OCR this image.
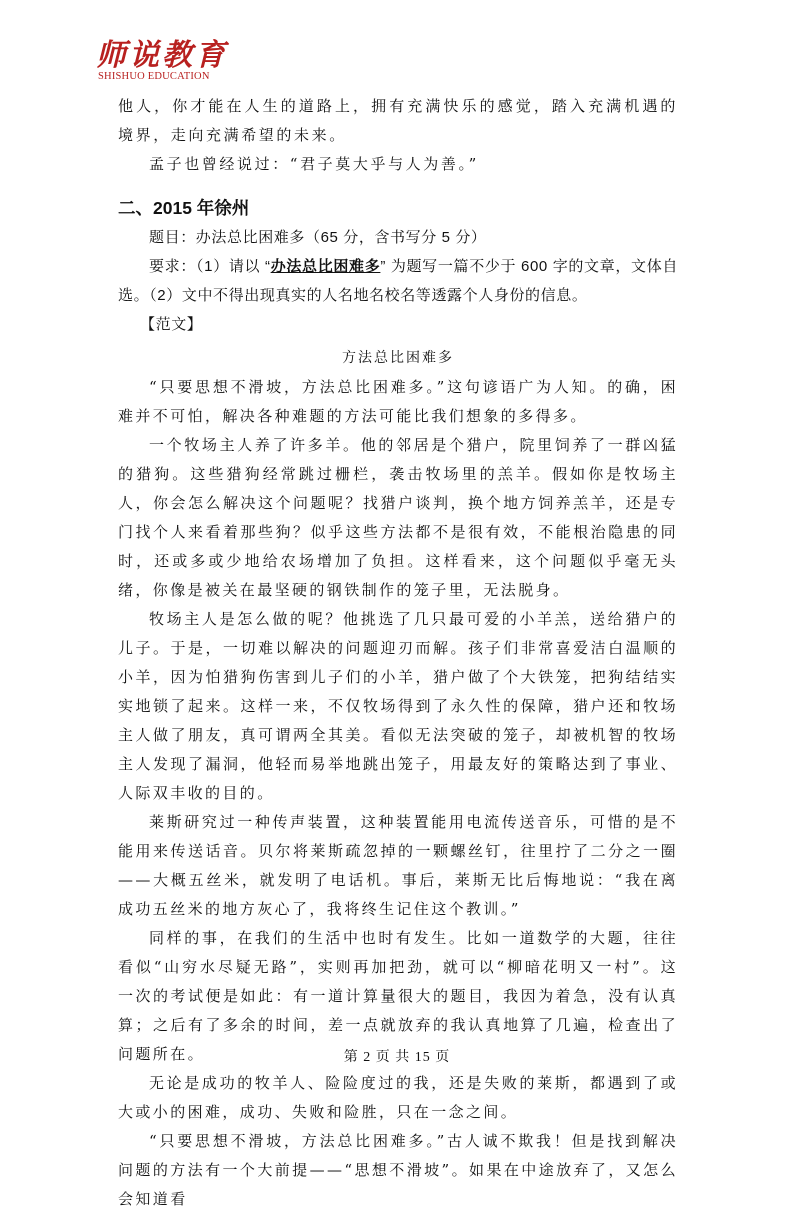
师说教育
SHISHUO EDUCATION

他人，你才能在人生的道路上，拥有充满快乐的感觉，踏入充满机遇的境界，走向充满希望的未来。

孟子也曾经说过：“君子莫大乎与人为善。”

二、2015 年徐州

题目：办法总比困难多（65 分，含书写分 5 分）

要求：（1）请以 “办法总比困难多” 为题写一篇不少于 600 字的文章，文体自选。（2）文中不得出现真实的人名地名校名等透露个人身份的信息。

【范文】

方法总比困难多

“只要思想不滑坡，方法总比困难多。”这句谚语广为人知。的确，困难并不可怕，解决各种难题的方法可能比我们想象的多得多。

一个牧场主人养了许多羊。他的邻居是个猎户，院里饲养了一群凶猛的猎狗。这些猎狗经常跳过栅栏，袭击牧场里的羔羊。假如你是牧场主人，你会怎么解决这个问题呢？找猎户谈判，换个地方饲养羔羊，还是专门找个人来看着那些狗？似乎这些方法都不是很有效，不能根治隐患的同时，还或多或少地给农场增加了负担。这样看来，这个问题似乎毫无头绪，你像是被关在最坚硬的钢铁制作的笼子里，无法脱身。

牧场主人是怎么做的呢？他挑选了几只最可爱的小羊羔，送给猎户的儿子。于是，一切难以解决的问题迎刃而解。孩子们非常喜爱洁白温顺的小羊，因为怕猎狗伤害到儿子们的小羊，猎户做了个大铁笼，把狗结结实实地锁了起来。这样一来，不仅牧场得到了永久性的保障，猎户还和牧场主人做了朋友，真可谓两全其美。看似无法突破的笼子，却被机智的牧场主人发现了漏洞，他轻而易举地跳出笼子，用最友好的策略达到了事业、人际双丰收的目的。

莱斯研究过一种传声装置，这种装置能用电流传送音乐，可惜的是不能用来传送话音。贝尔将莱斯疏忽掉的一颗螺丝钉，往里拧了二分之一圈——大概五丝米，就发明了电话机。事后，莱斯无比后悔地说：“我在离成功五丝米的地方灰心了，我将终生记住这个教训。”

同样的事，在我们的生活中也时有发生。比如一道数学的大题，往往看似“山穷水尽疑无路”，实则再加把劲，就可以“柳暗花明又一村”。这一次的考试便是如此：有一道计算量很大的题目，我因为着急，没有认真算；之后有了多余的时间，差一点就放弃的我认真地算了几遍，检查出了问题所在。

无论是成功的牧羊人、险险度过的我，还是失败的莱斯，都遇到了或大或小的困难，成功、失败和险胜，只在一念之间。

“只要思想不滑坡，方法总比困难多。”古人诚不欺我！但是找到解决问题的方法有一个大前提——“思想不滑坡”。如果在中途放弃了，又怎么会知道看

第 2 页 共 15 页
